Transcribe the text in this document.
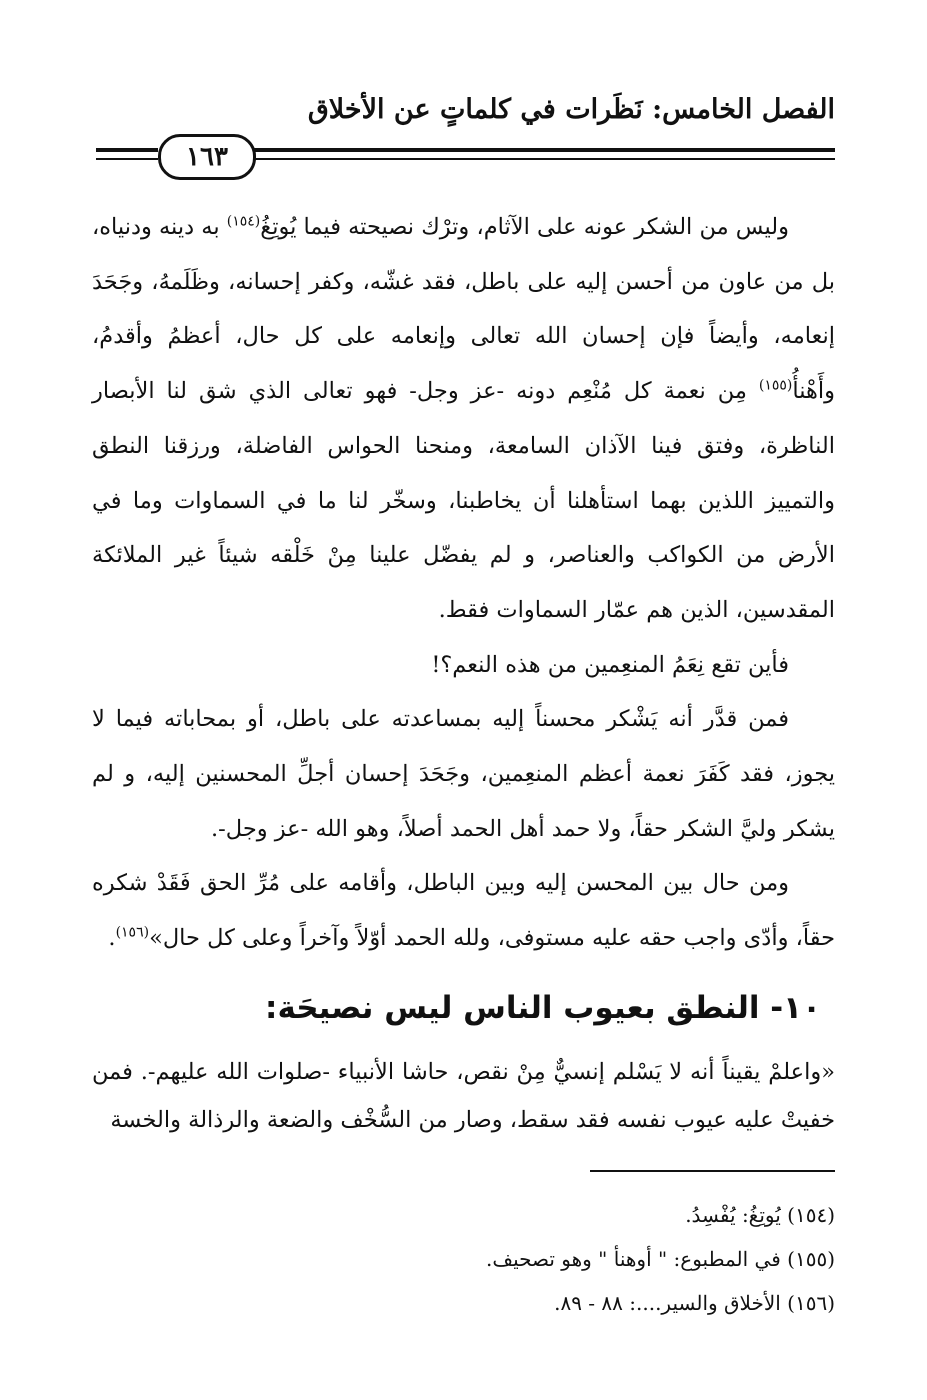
الفصل الخامس: نَظَرات في كلماتٍ عن الأخلاق
١٦٣

وليس من الشكر عونه على الآثام، وترْك نصيحته فيما يُوتِغُ$^{(١٥٤)}$ به دينه ودنياه، بل من عاون من أحسن إليه على باطل، فقد غشّه، وكفر إحسانه، وظَلَمهُ، وجَحَدَ إنعامه، وأيضاً فإن إحسان الله تعالى وإنعامه على كل حال، أعظمُ وأقدمُ، وأَهْنأُ$^{(١٥٥)}$ مِن نعمة كل مُنْعِم دونه -عز وجل- فهو تعالى الذي شق لنا الأبصار الناظرة، وفتق فينا الآذان السامعة، ومنحنا الحواس الفاضلة، ورزقنا النطق والتمييز اللذين بهما استأهلنا أن يخاطبنا، وسخّر لنا ما في السماوات وما في الأرض من الكواكب والعناصر، و لم يفضّل علينا مِنْ خَلْقه شيئاً غير الملائكة المقدسين، الذين هم عمّار السماوات فقط.

فأين تقع نِعَمُ المنعِمين من هذه النعم؟!

فمن قدَّر أنه يَشْكر محسناً إليه بمساعدته على باطل، أو بمحاباته فيما لا يجوز، فقد كَفَرَ نعمة أعظم المنعِمين، وجَحَدَ إحسان أجلِّ المحسنين إليه، و لم يشكر وليَّ الشكر حقاً، ولا حمد أهل الحمد أصلاً، وهو الله -عز وجل-.

ومن حال بين المحسن إليه وبين الباطل، وأقامه على مُرِّ الحق فَقَدْ شكره حقاً، وأدّى واجب حقه عليه مستوفى، ولله الحمد أوّلاً وآخراً وعلى كل حال»$^{(١٥٦)}$.

١٠- النطق بعيوب الناس ليس نصيحَة:

«واعلمْ يقيناً أنه لا يَسْلم إنسيٌّ مِنْ نقص، حاشا الأنبياء -صلوات الله عليهم-. فمن خفيتْ عليه عيوب نفسه فقد سقط، وصار من السُّخْف والضعة والرذالة والخسة

(١٥٤) يُوتِغُ: يُفْسِدُ.

(١٥٥) في المطبوع: " أوهنأ " وهو تصحيف.

(١٥٦) الأخلاق والسير....: ٨٨ - ٨٩.
